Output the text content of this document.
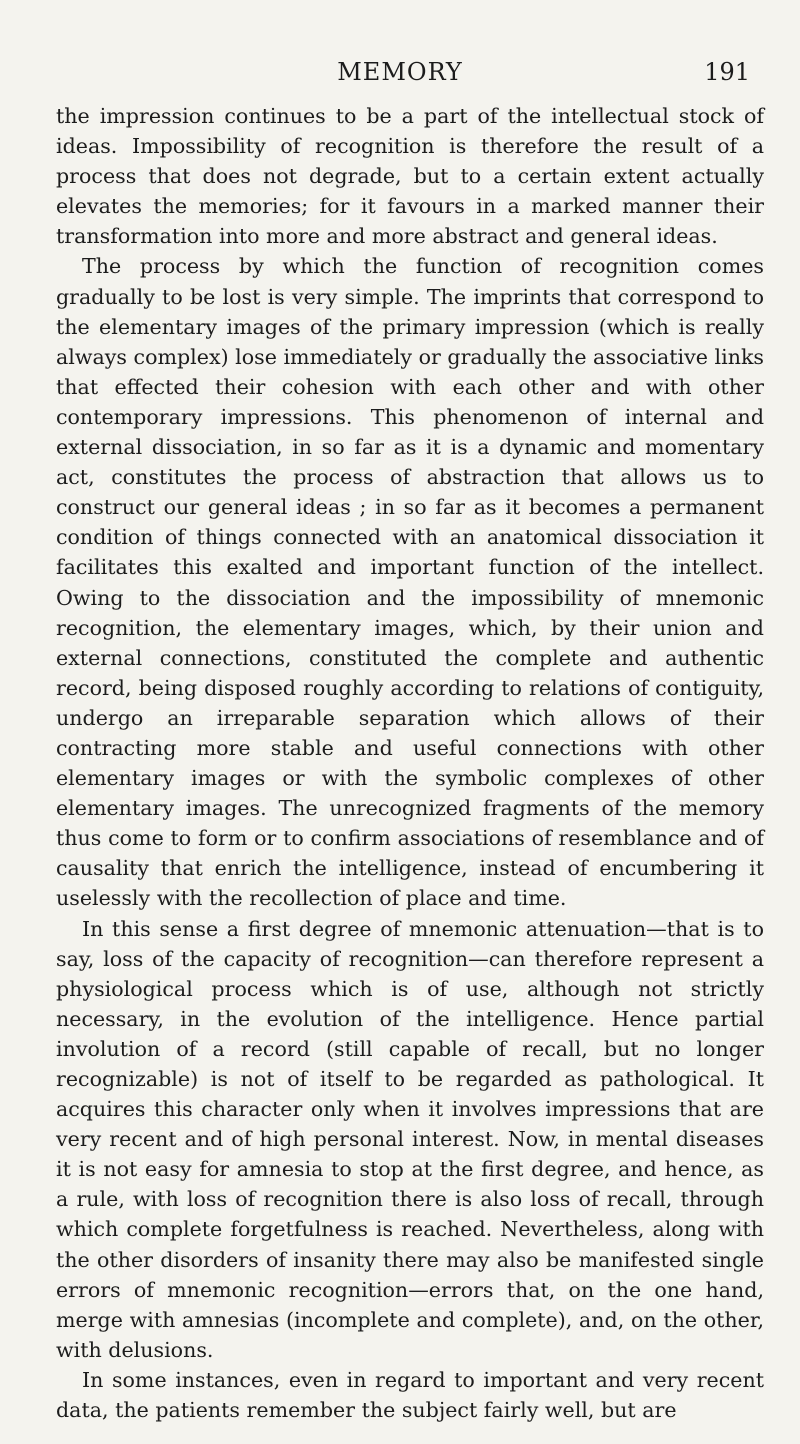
MEMORY	191

the impression continues to be a part of the intellectual stock of ideas. Impossibility of recognition is therefore the result of a process that does not degrade, but to a certain extent actually elevates the memories; for it favours in a marked manner their transformation into more and more abstract and general ideas.

The process by which the function of recognition comes gradually to be lost is very simple. The imprints that correspond to the elementary images of the primary impression (which is really always complex) lose immediately or gradually the associative links that effected their cohesion with each other and with other contemporary impressions. This phenomenon of internal and external dissociation, in so far as it is a dynamic and momentary act, constitutes the process of abstraction that allows us to construct our general ideas ; in so far as it becomes a permanent condition of things connected with an anatomical dissociation it facilitates this exalted and important function of the intellect. Owing to the dissociation and the impossibility of mnemonic recognition, the elementary images, which, by their union and external connections, constituted the complete and authentic record, being disposed roughly according to relations of contiguity, undergo an irreparable separation which allows of their contracting more stable and useful connections with other elementary images or with the symbolic complexes of other elementary images. The unrecognized fragments of the memory thus come to form or to confirm associations of resemblance and of causality that enrich the intelligence, instead of encumbering it uselessly with the recollection of place and time.

In this sense a first degree of mnemonic attenuation—that is to say, loss of the capacity of recognition—can therefore represent a physiological process which is of use, although not strictly necessary, in the evolution of the intelligence. Hence partial involution of a record (still capable of recall, but no longer recognizable) is not of itself to be regarded as pathological. It acquires this character only when it involves impressions that are very recent and of high personal interest. Now, in mental diseases it is not easy for amnesia to stop at the first degree, and hence, as a rule, with loss of recognition there is also loss of recall, through which complete forgetfulness is reached. Nevertheless, along with the other disorders of insanity there may also be manifested single errors of mnemonic recognition—errors that, on the one hand, merge with amnesias (incomplete and complete), and, on the other, with delusions.

In some instances, even in regard to important and very recent data, the patients remember the subject fairly well, but are
